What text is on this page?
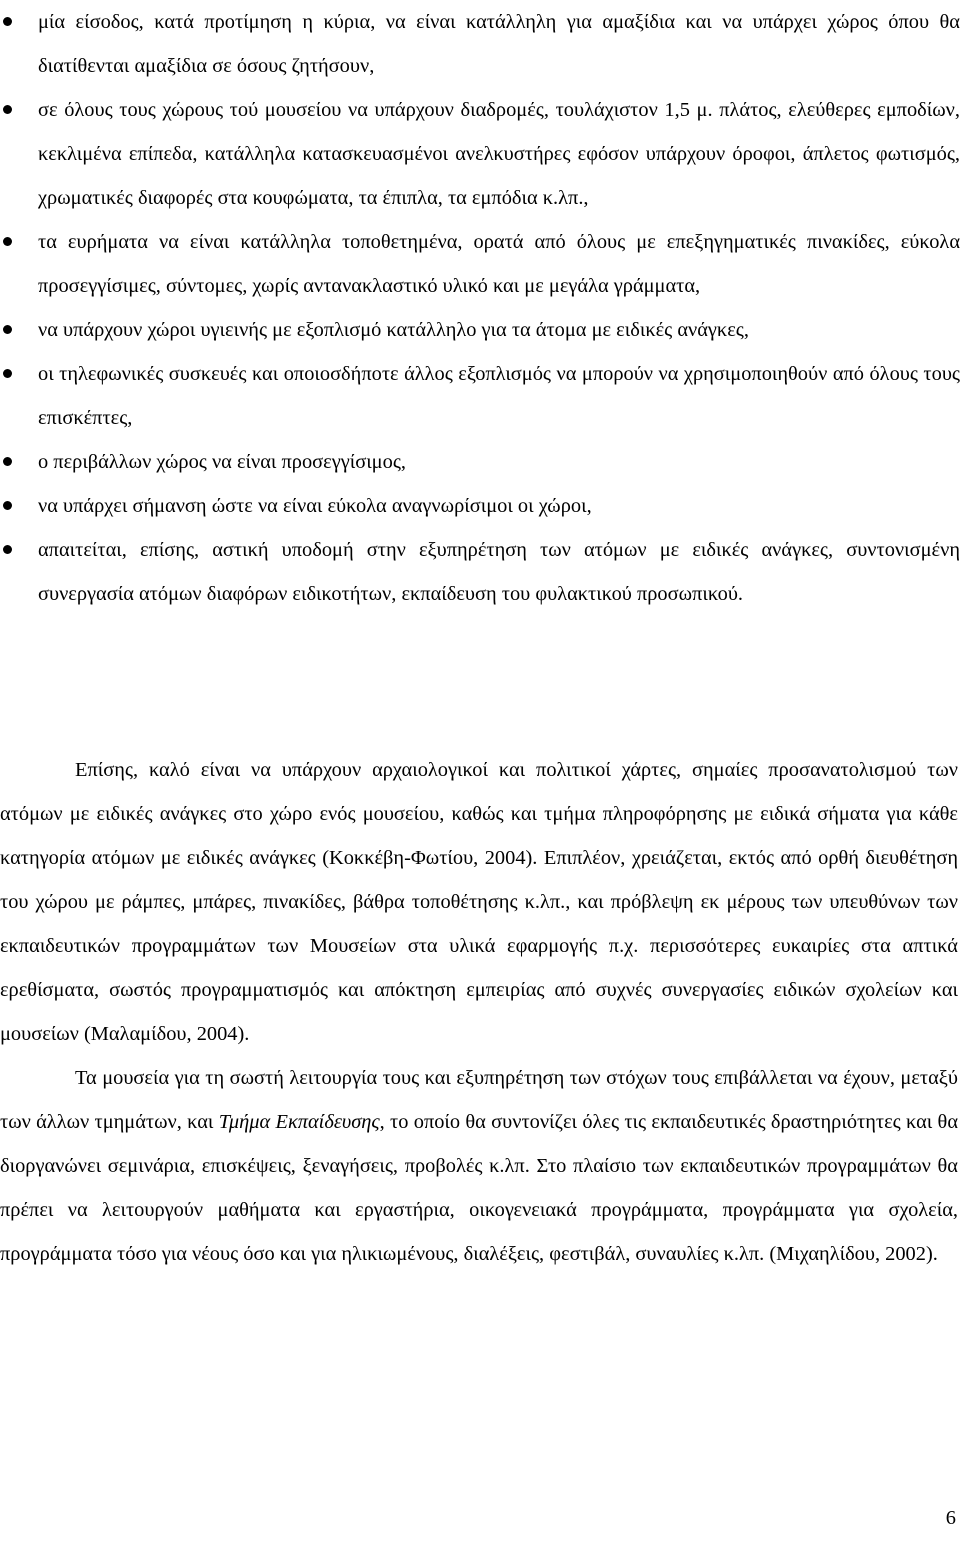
μία είσοδος, κατά προτίμηση η κύρια, να είναι κατάλληλη για αμαξίδια και να υπάρχει χώρος όπου θα διατίθενται αμαξίδια σε όσους ζητήσουν,
σε όλους τους χώρους τού μουσείου να υπάρχουν διαδρομές, τουλάχιστον 1,5 μ. πλάτος, ελεύθερες εμποδίων, κεκλιμένα επίπεδα, κατάλληλα κατασκευασμένοι ανελκυστήρες εφόσον υπάρχουν όροφοι, άπλετος φωτισμός, χρωματικές διαφορές στα κουφώματα, τα έπιπλα, τα εμπόδια κ.λπ.,
τα ευρήματα να είναι κατάλληλα τοποθετημένα, ορατά από όλους με επεξηγηματικές πινακίδες, εύκολα προσεγγίσιμες, σύντομες, χωρίς αντανακλαστικό υλικό και με μεγάλα γράμματα,
να υπάρχουν χώροι υγιεινής με εξοπλισμό κατάλληλο για τα άτομα με ειδικές ανάγκες,
οι τηλεφωνικές συσκευές και οποιοσδήποτε άλλος εξοπλισμός να μπορούν να χρησιμοποιηθούν από όλους τους επισκέπτες,
ο περιβάλλων χώρος να είναι προσεγγίσιμος,
να υπάρχει σήμανση ώστε να είναι εύκολα αναγνωρίσιμοι οι χώροι,
απαιτείται, επίσης, αστική υποδομή στην εξυπηρέτηση των ατόμων με ειδικές ανάγκες, συντονισμένη συνεργασία ατόμων διαφόρων ειδικοτήτων, εκπαίδευση του φυλακτικού προσωπικού.

Επίσης, καλό είναι να υπάρχουν αρχαιολογικοί και πολιτικοί χάρτες, σημαίες προσανατολισμού των ατόμων με ειδικές ανάγκες στο χώρο ενός μουσείου, καθώς και τμήμα πληροφόρησης με ειδικά σήματα για κάθε κατηγορία ατόμων με ειδικές ανάγκες (Κοκκέβη-Φωτίου, 2004). Επιπλέον, χρειάζεται, εκτός από ορθή διευθέτηση του χώρου με ράμπες, μπάρες, πινακίδες, βάθρα τοποθέτησης κ.λπ., και πρόβλεψη εκ μέρους των υπευθύνων των εκπαιδευτικών προγραμμάτων των Μουσείων στα υλικά εφαρμογής π.χ. περισσότερες ευκαιρίες στα απτικά ερεθίσματα, σωστός προγραμματισμός και απόκτηση εμπειρίας από συχνές συνεργασίες ειδικών σχολείων και μουσείων (Μαλαμίδου, 2004).

Τα μουσεία για τη σωστή λειτουργία τους και εξυπηρέτηση των στόχων τους επιβάλλεται να έχουν, μεταξύ των άλλων τμημάτων, και Τμήμα Εκπαίδευσης, το οποίο θα συντονίζει όλες τις εκπαιδευτικές δραστηριότητες και θα διοργανώνει σεμινάρια, επισκέψεις, ξεναγήσεις, προβολές κ.λπ. Στο πλαίσιο των εκπαιδευτικών προγραμμάτων θα πρέπει να λειτουργούν μαθήματα και εργαστήρια, οικογενειακά προγράμματα, προγράμματα για σχολεία, προγράμματα τόσο για νέους όσο και για ηλικιωμένους, διαλέξεις, φεστιβάλ, συναυλίες κ.λπ. (Μιχαηλίδου, 2002).

6
